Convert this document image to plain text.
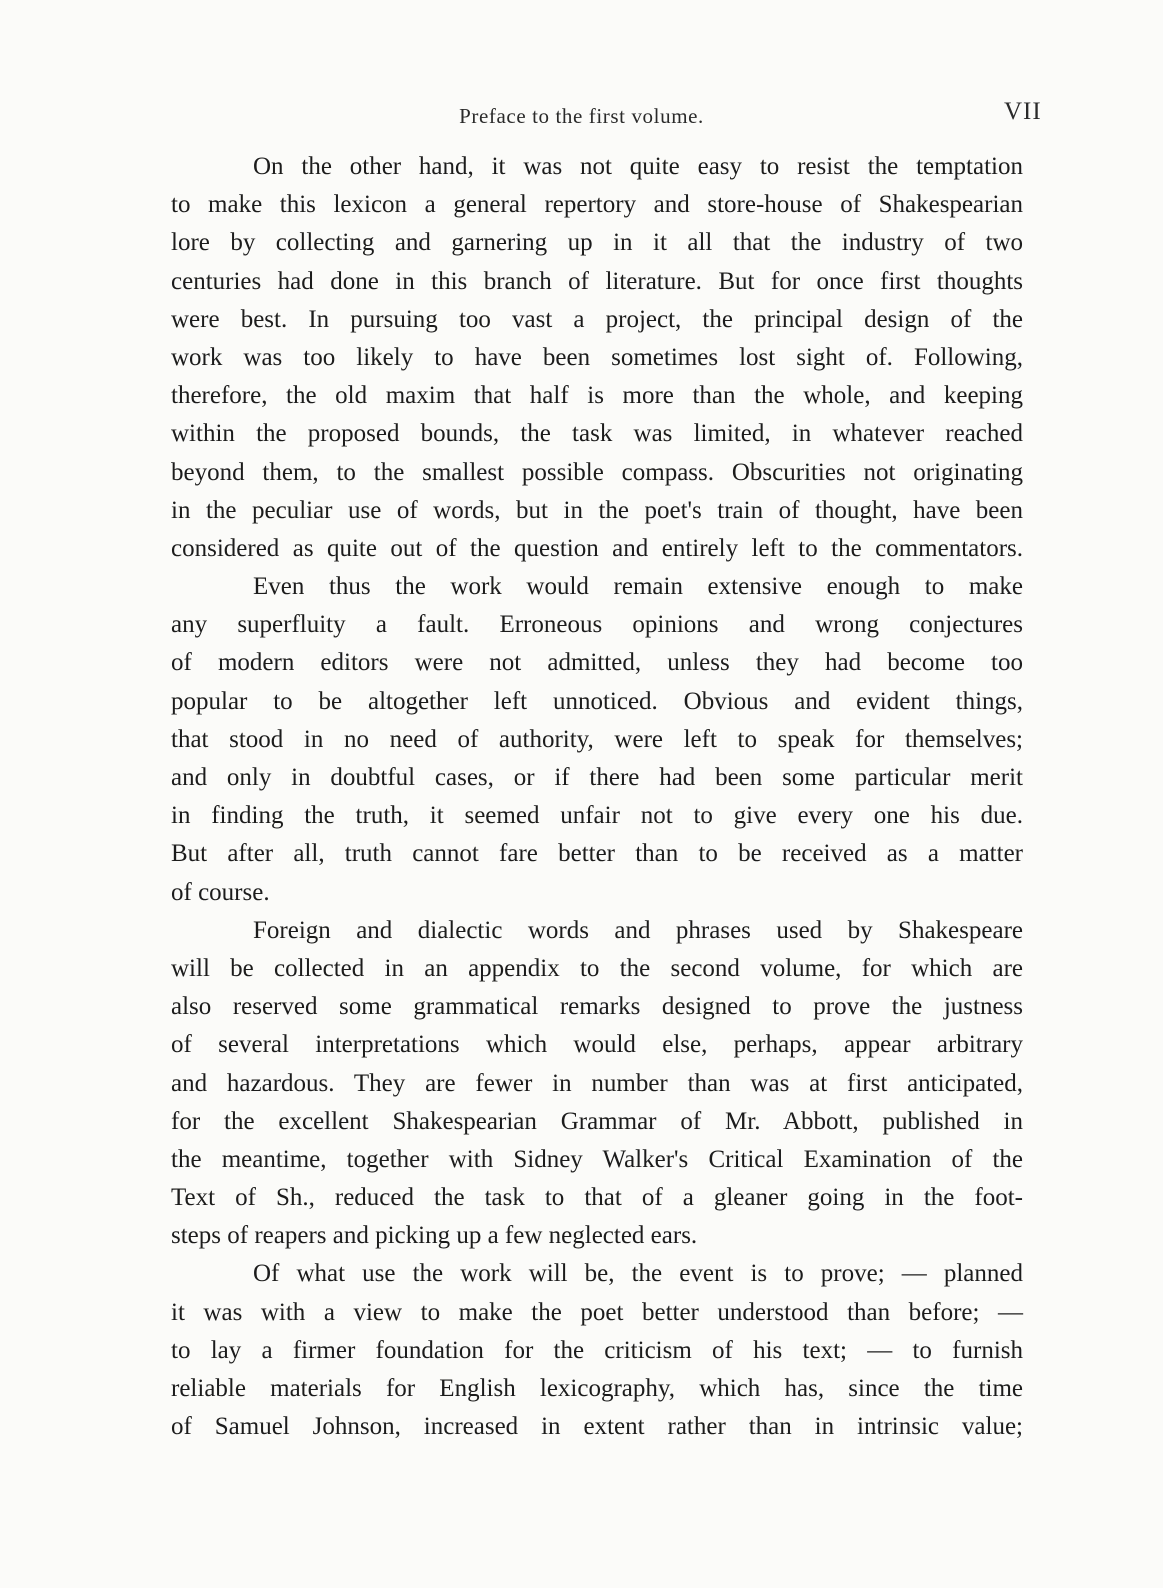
Preface to the first volume.	VII
On the other hand, it was not quite easy to resist the temptation
to make this lexicon a general repertory and store-house of Shakespearian
lore by collecting and garnering up in it all that the industry of two
centuries had done in this branch of literature. But for once first thoughts
were best. In pursuing too vast a project, the principal design of the
work was too likely to have been sometimes lost sight of. Following,
therefore, the old maxim that half is more than the whole, and keeping
within the proposed bounds, the task was limited, in whatever reached
beyond them, to the smallest possible compass. Obscurities not originating
in the peculiar use of words, but in the poet's train of thought, have been
considered as quite out of the question and entirely left to the commentators.
Even thus the work would remain extensive enough to make
any superfluity a fault. Erroneous opinions and wrong conjectures
of modern editors were not admitted, unless they had become too
popular to be altogether left unnoticed. Obvious and evident things,
that stood in no need of authority, were left to speak for themselves;
and only in doubtful cases, or if there had been some particular merit
in finding the truth, it seemed unfair not to give every one his due.
But after all, truth cannot fare better than to be received as a matter
of course.
Foreign and dialectic words and phrases used by Shakespeare
will be collected in an appendix to the second volume, for which are
also reserved some grammatical remarks designed to prove the justness
of several interpretations which would else, perhaps, appear arbitrary
and hazardous. They are fewer in number than was at first anticipated,
for the excellent Shakespearian Grammar of Mr. Abbott, published in
the meantime, together with Sidney Walker's Critical Examination of the
Text of Sh., reduced the task to that of a gleaner going in the foot-
steps of reapers and picking up a few neglected ears.
Of what use the work will be, the event is to prove; — planned
it was with a view to make the poet better understood than before; —
to lay a firmer foundation for the criticism of his text; — to furnish
reliable materials for English lexicography, which has, since the time
of Samuel Johnson, increased in extent rather than in intrinsic value;
